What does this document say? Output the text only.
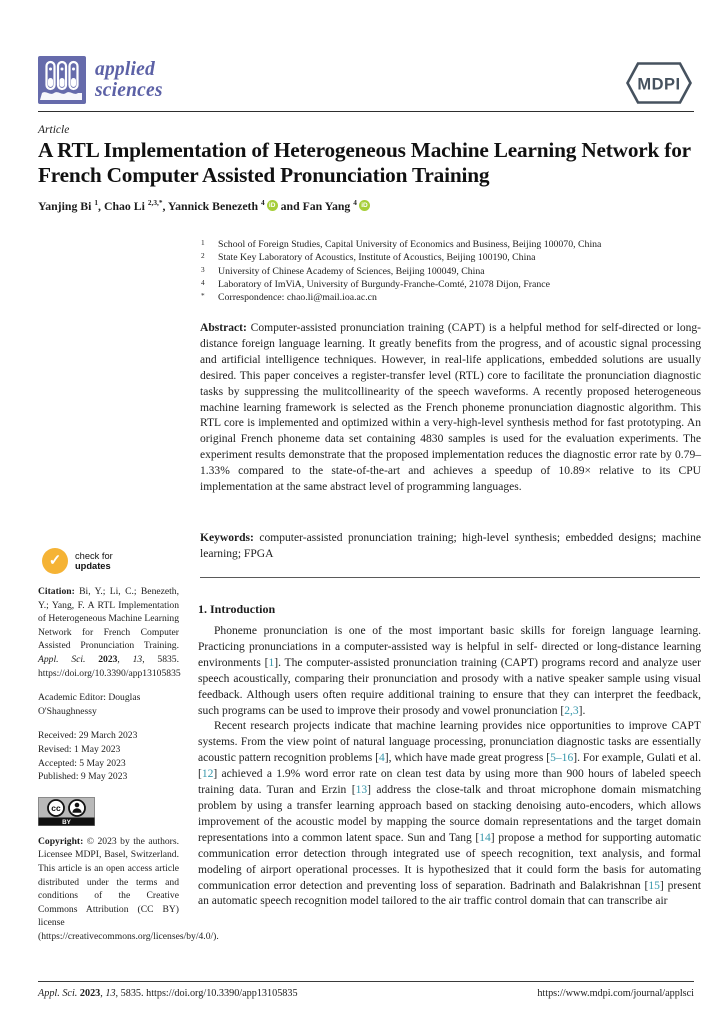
applied
sciences	MDPI
Article
A RTL Implementation of Heterogeneous Machine Learning Network for French Computer Assisted Pronunciation Training
Yanjing Bi $^1$, Chao Li $^{2,3,*}$, Yannick Benezeth $^4$iD and Fan Yang $^4$iD
1	School of Foreign Studies, Capital University of Economics and Business, Beijing 100070, China
2	State Key Laboratory of Acoustics, Institute of Acoustics, Beijing 100190, China
3	University of Chinese Academy of Sciences, Beijing 100049, China
4	Laboratory of ImViA, University of Burgundy-Franche-Comté, 21078 Dijon, France
*	Correspondence: chao.li@mail.ioa.ac.cn
Abstract: Computer-assisted pronunciation training (CAPT) is a helpful method for self-directed or long-distance foreign language learning. It greatly benefits from the progress, and of acoustic signal processing and artificial intelligence techniques. However, in real-life applications, embedded solutions are usually desired. This paper conceives a register-transfer level (RTL) core to facilitate the pronunciation diagnostic tasks by suppressing the mulitcollinearity of the speech waveforms. A recently proposed heterogeneous machine learning framework is selected as the French phoneme pronunciation diagnostic algorithm. This RTL core is implemented and optimized within a very-high-level synthesis method for fast prototyping. An original French phoneme data set containing 4830 samples is used for the evaluation experiments. The experiment results demonstrate that the proposed implementation reduces the diagnostic error rate by 0.79–1.33% compared to the state-of-the-art and achieves a speedup of 10.89× relative to its CPU implementation at the same abstract level of programming languages.
Keywords: computer-assisted pronunciation training; high-level synthesis; embedded designs; machine learning; FPGA
✓	check for
updates
Citation: Bi, Y.; Li, C.; Benezeth, Y.; Yang, F. A RTL Implementation of Heterogeneous Machine Learning Network for French Computer Assisted Pronunciation Training. Appl. Sci. 2023, 13, 5835. https://doi.org/10.3390/app13105835
Academic Editor: Douglas O'Shaughnessy
Received: 29 March 2023
Revised: 1 May 2023
Accepted: 5 May 2023
Published: 9 May 2023
BY
cc
Copyright: © 2023 by the authors. Licensee MDPI, Basel, Switzerland. This article is an open access article distributed under the terms and conditions of the Creative Commons Attribution (CC BY) license (https://creativecommons.org/licenses/by/4.0/).
1. Introduction

Phoneme pronunciation is one of the most important basic skills for foreign language learning. Practicing pronunciations in a computer-assisted way is helpful in self- directed or long-distance learning environments [1]. The computer-assisted pronunciation training (CAPT) programs record and analyze user speech acoustically, comparing their pronunciation and prosody with a native speaker sample using visual feedback. Although users often require additional training to ensure that they can interpret the feedback, such programs can be used to improve their prosody and vowel pronunciation [2,3].

Recent research projects indicate that machine learning provides nice opportunities to improve CAPT systems. From the view point of natural language processing, pronunciation diagnostic tasks are essentially acoustic pattern recognition problems [4], which have made great progress [5–16]. For example, Gulati et al. [12] achieved a 1.9% word error rate on clean test data by using more than 900 hours of labeled speech training data. Turan and Erzin [13] address the close-talk and throat microphone domain mismatching problem by using a transfer learning approach based on stacking denoising auto-encoders, which allows improvement of the acoustic model by mapping the source domain representations and the target domain representations into a common latent space. Sun and Tang [14] propose a method for supporting automatic communication error detection through integrated use of speech recognition, text analysis, and formal modeling of airport operational processes. It is hypothesized that it could form the basis for automating communication error detection and preventing loss of separation. Badrinath and Balakrishnan [15] present an automatic speech recognition model tailored to the air traffic control domain that can transcribe air

Appl. Sci. 2023, 13, 5835. https://doi.org/10.3390/app13105835	https://www.mdpi.com/journal/applsci
